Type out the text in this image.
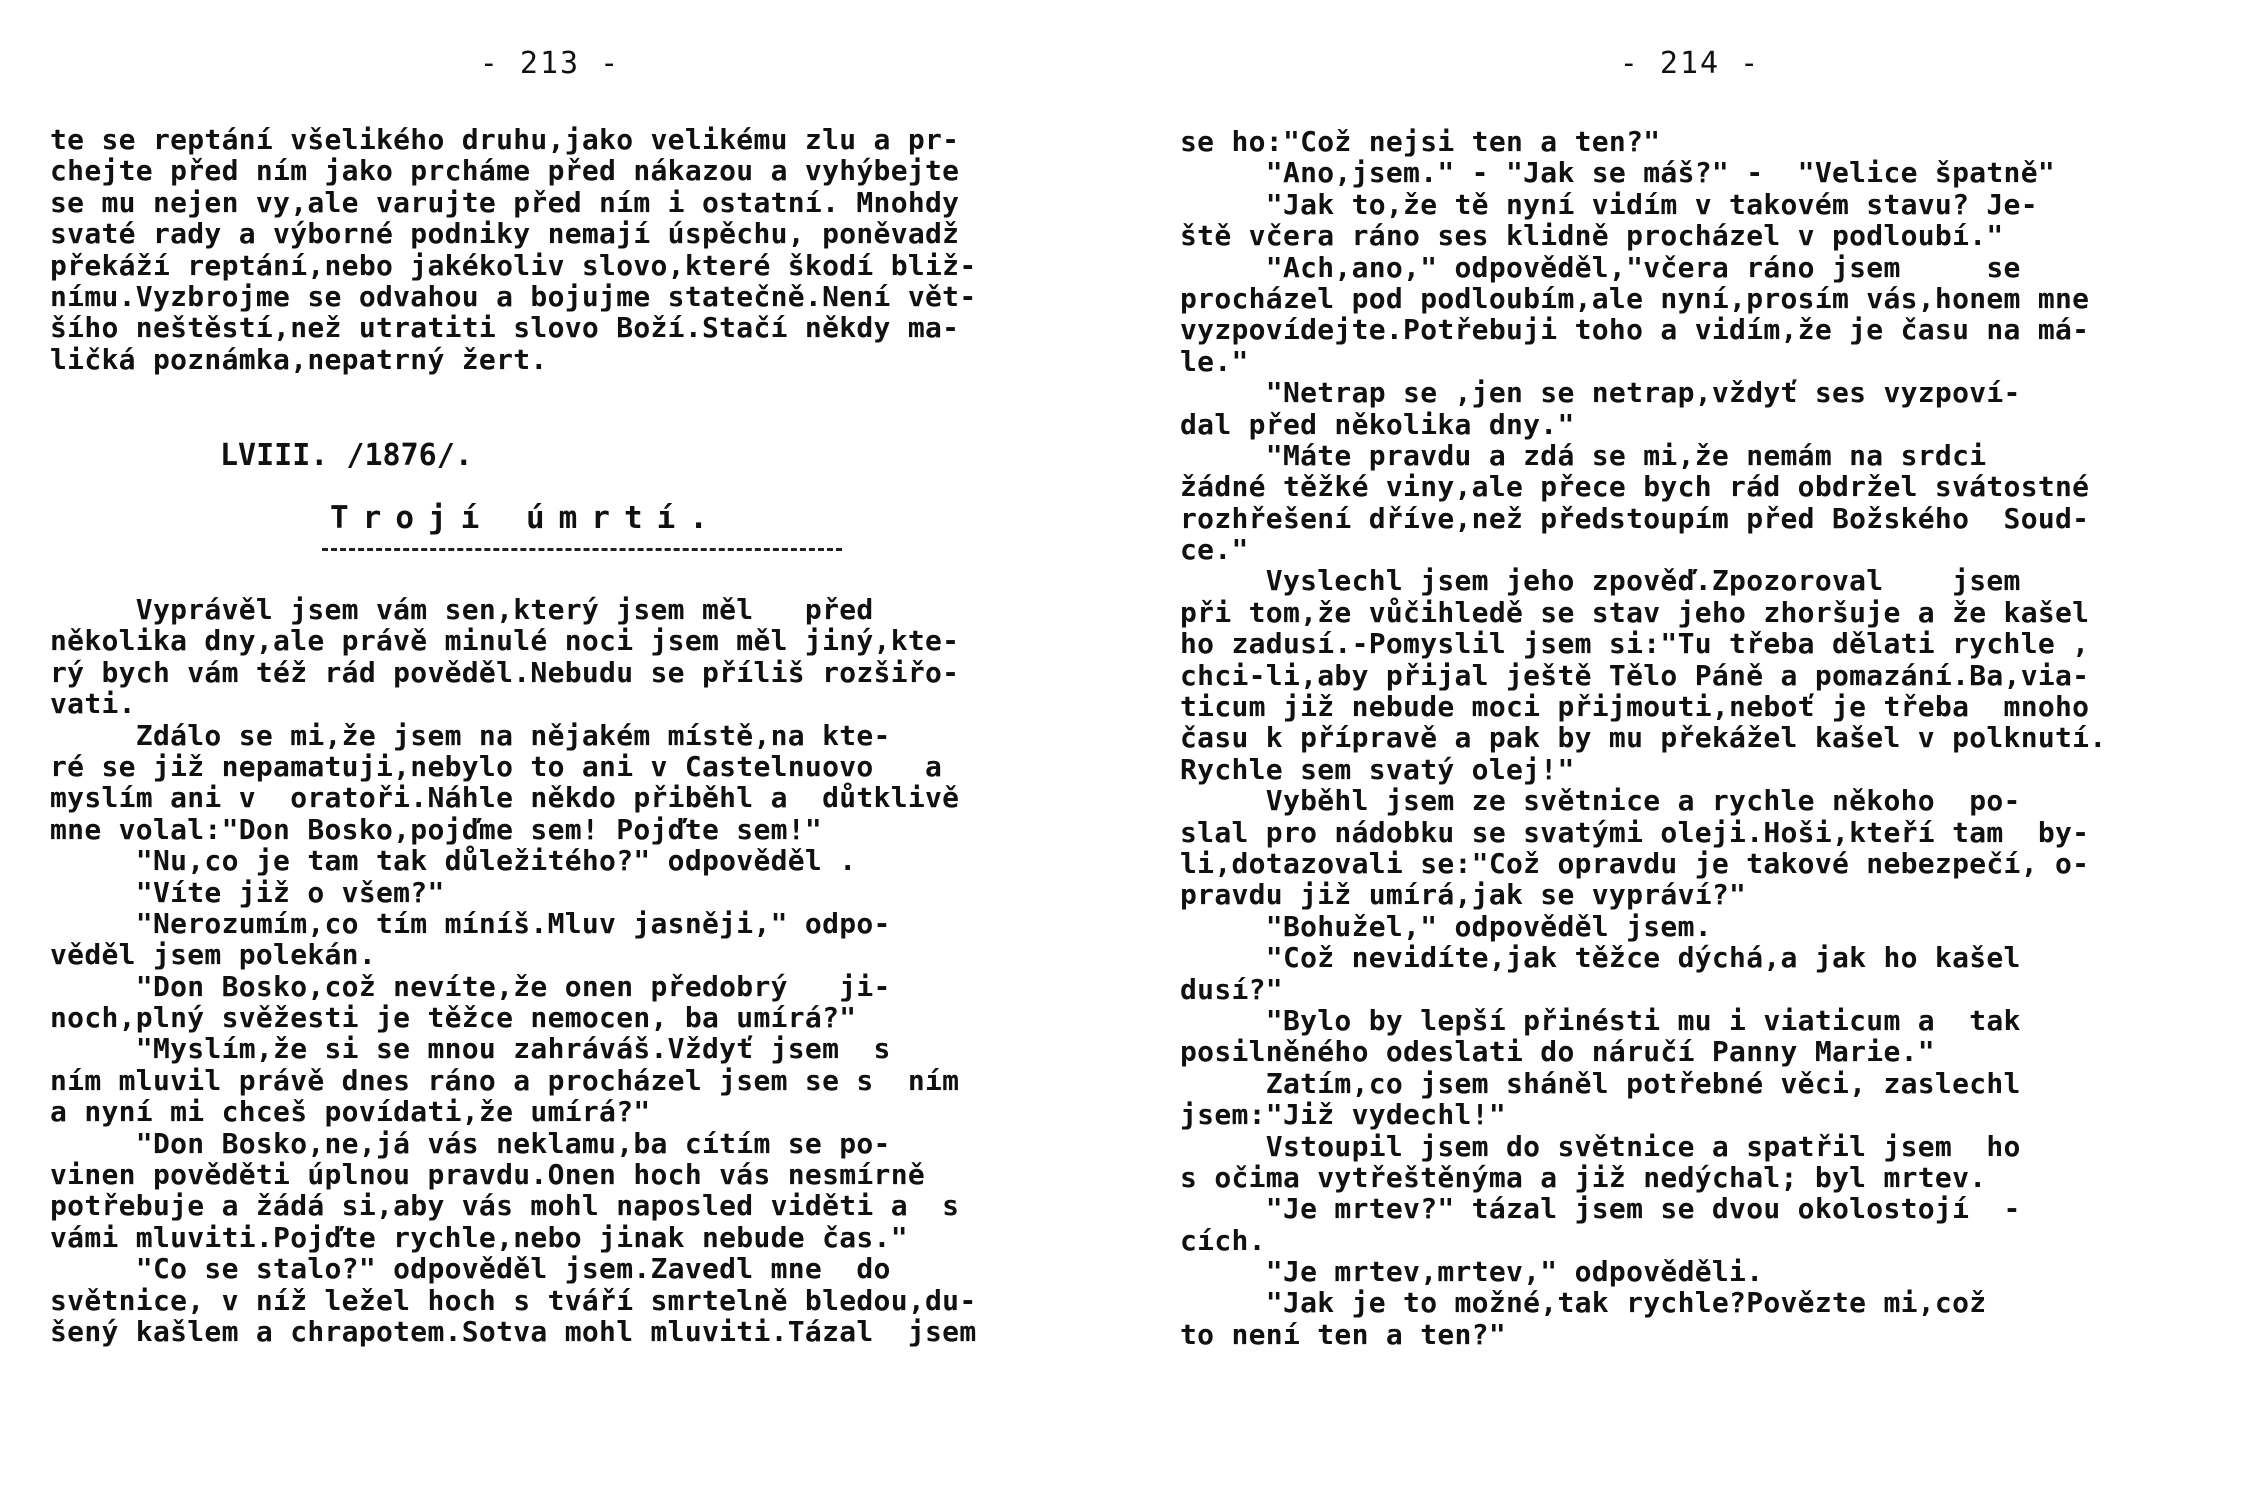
- 213 -
te se reptání všelikého druhu,jako velikému zlu a pr-
chejte před ním jako prcháme před nákazou a vyhýbejte
se mu nejen vy,ale varujte před ním i ostatní. Mnohdy
svaté rady a výborné podniky nemají úspěchu, poněvadž
překáží reptání,nebo jakékoliv slovo,které škodí bliž-
nímu.Vyzbrojme se odvahou a bojujme statečně.Není vět-
šího neštěstí,než utratiti slovo Boží.Stačí někdy ma-
ličká poznámka,nepatrný žert.
LVIII. /1876/.
Trojí úmrtí.
Vyprávěl jsem vám sen,který jsem měl   před
několika dny,ale právě minulé noci jsem měl jiný,kte-
rý bych vám též rád pověděl.Nebudu se příliš rozšiřo-
vati.
Zdálo se mi,že jsem na nějakém místě,na kte-
ré se již nepamatuji,nebylo to ani v Castelnuovo   a
myslím ani v  oratoři.Náhle někdo přiběhl a  důtklivě
mne volal:"Don Bosko,pojďme sem! Pojďte sem!"
"Nu,co je tam tak důležitého?" odpověděl .
"Víte již o všem?"
"Nerozumím,co tím míníš.Mluv jasněji," odpo-
věděl jsem polekán.
"Don Bosko,což nevíte,že onen předobrý   ji-
noch,plný svěžesti je těžce nemocen, ba umírá?"
"Myslím,že si se mnou zahráváš.Vždyť jsem  s
ním mluvil právě dnes ráno a procházel jsem se s  ním
a nyní mi chceš povídati,že umírá?"
"Don Bosko,ne,já vás neklamu,ba cítím se po-
vinen pověděti úplnou pravdu.Onen hoch vás nesmírně
potřebuje a žádá si,aby vás mohl naposled viděti a  s
vámi mluviti.Pojďte rychle,nebo jinak nebude čas."
"Co se stalo?" odpověděl jsem.Zavedl mne  do
světnice, v níž ležel hoch s tváří smrtelně bledou,du-
šený kašlem a chrapotem.Sotva mohl mluviti.Tázal  jsem
- 214 -
se ho:"Což nejsi ten a ten?"
"Ano,jsem." - "Jak se máš?" -  "Velice špatně"
"Jak to,že tě nyní vidím v takovém stavu? Je-
ště včera ráno ses klidně procházel v podloubí."
"Ach,ano," odpověděl,"včera ráno jsem     se
procházel pod podloubím,ale nyní,prosím vás,honem mne
vyzpovídejte.Potřebuji toho a vidím,že je času na má-
le."
"Netrap se ,jen se netrap,vždyť ses vyzpoví-
dal před několika dny."
"Máte pravdu a zdá se mi,že nemám na srdci
žádné těžké viny,ale přece bych rád obdržel svátostné
rozhřešení dříve,než předstoupím před Božského  Soud-
ce."
Vyslechl jsem jeho zpověď.Zpozoroval    jsem
při tom,že vůčihledě se stav jeho zhoršuje a že kašel
ho zadusí.-Pomyslil jsem si:"Tu třeba dělati rychle ,
chci-li,aby přijal ještě Tělo Páně a pomazání.Ba,via-
ticum již nebude moci přijmouti,neboť je třeba  mnoho
času k přípravě a pak by mu překážel kašel v polknutí.
Rychle sem svatý olej!"
Vyběhl jsem ze světnice a rychle někoho  po-
slal pro nádobku se svatými oleji.Hoši,kteří tam  by-
li,dotazovali se:"Což opravdu je takové nebezpečí, o-
pravdu již umírá,jak se vypráví?"
"Bohužel," odpověděl jsem.
"Což nevidíte,jak těžce dýchá,a jak ho kašel
dusí?"
"Bylo by lepší přinésti mu i viaticum a  tak
posilněného odeslati do náručí Panny Marie."
Zatím,co jsem sháněl potřebné věci, zaslechl
jsem:"Již vydechl!"
Vstoupil jsem do světnice a spatřil jsem  ho
s očima vytřeštěnýma a již nedýchal; byl mrtev.
"Je mrtev?" tázal jsem se dvou okolostojí  -
cích.
"Je mrtev,mrtev," odpověděli.
"Jak je to možné,tak rychle?Povězte mi,což
to není ten a ten?"
